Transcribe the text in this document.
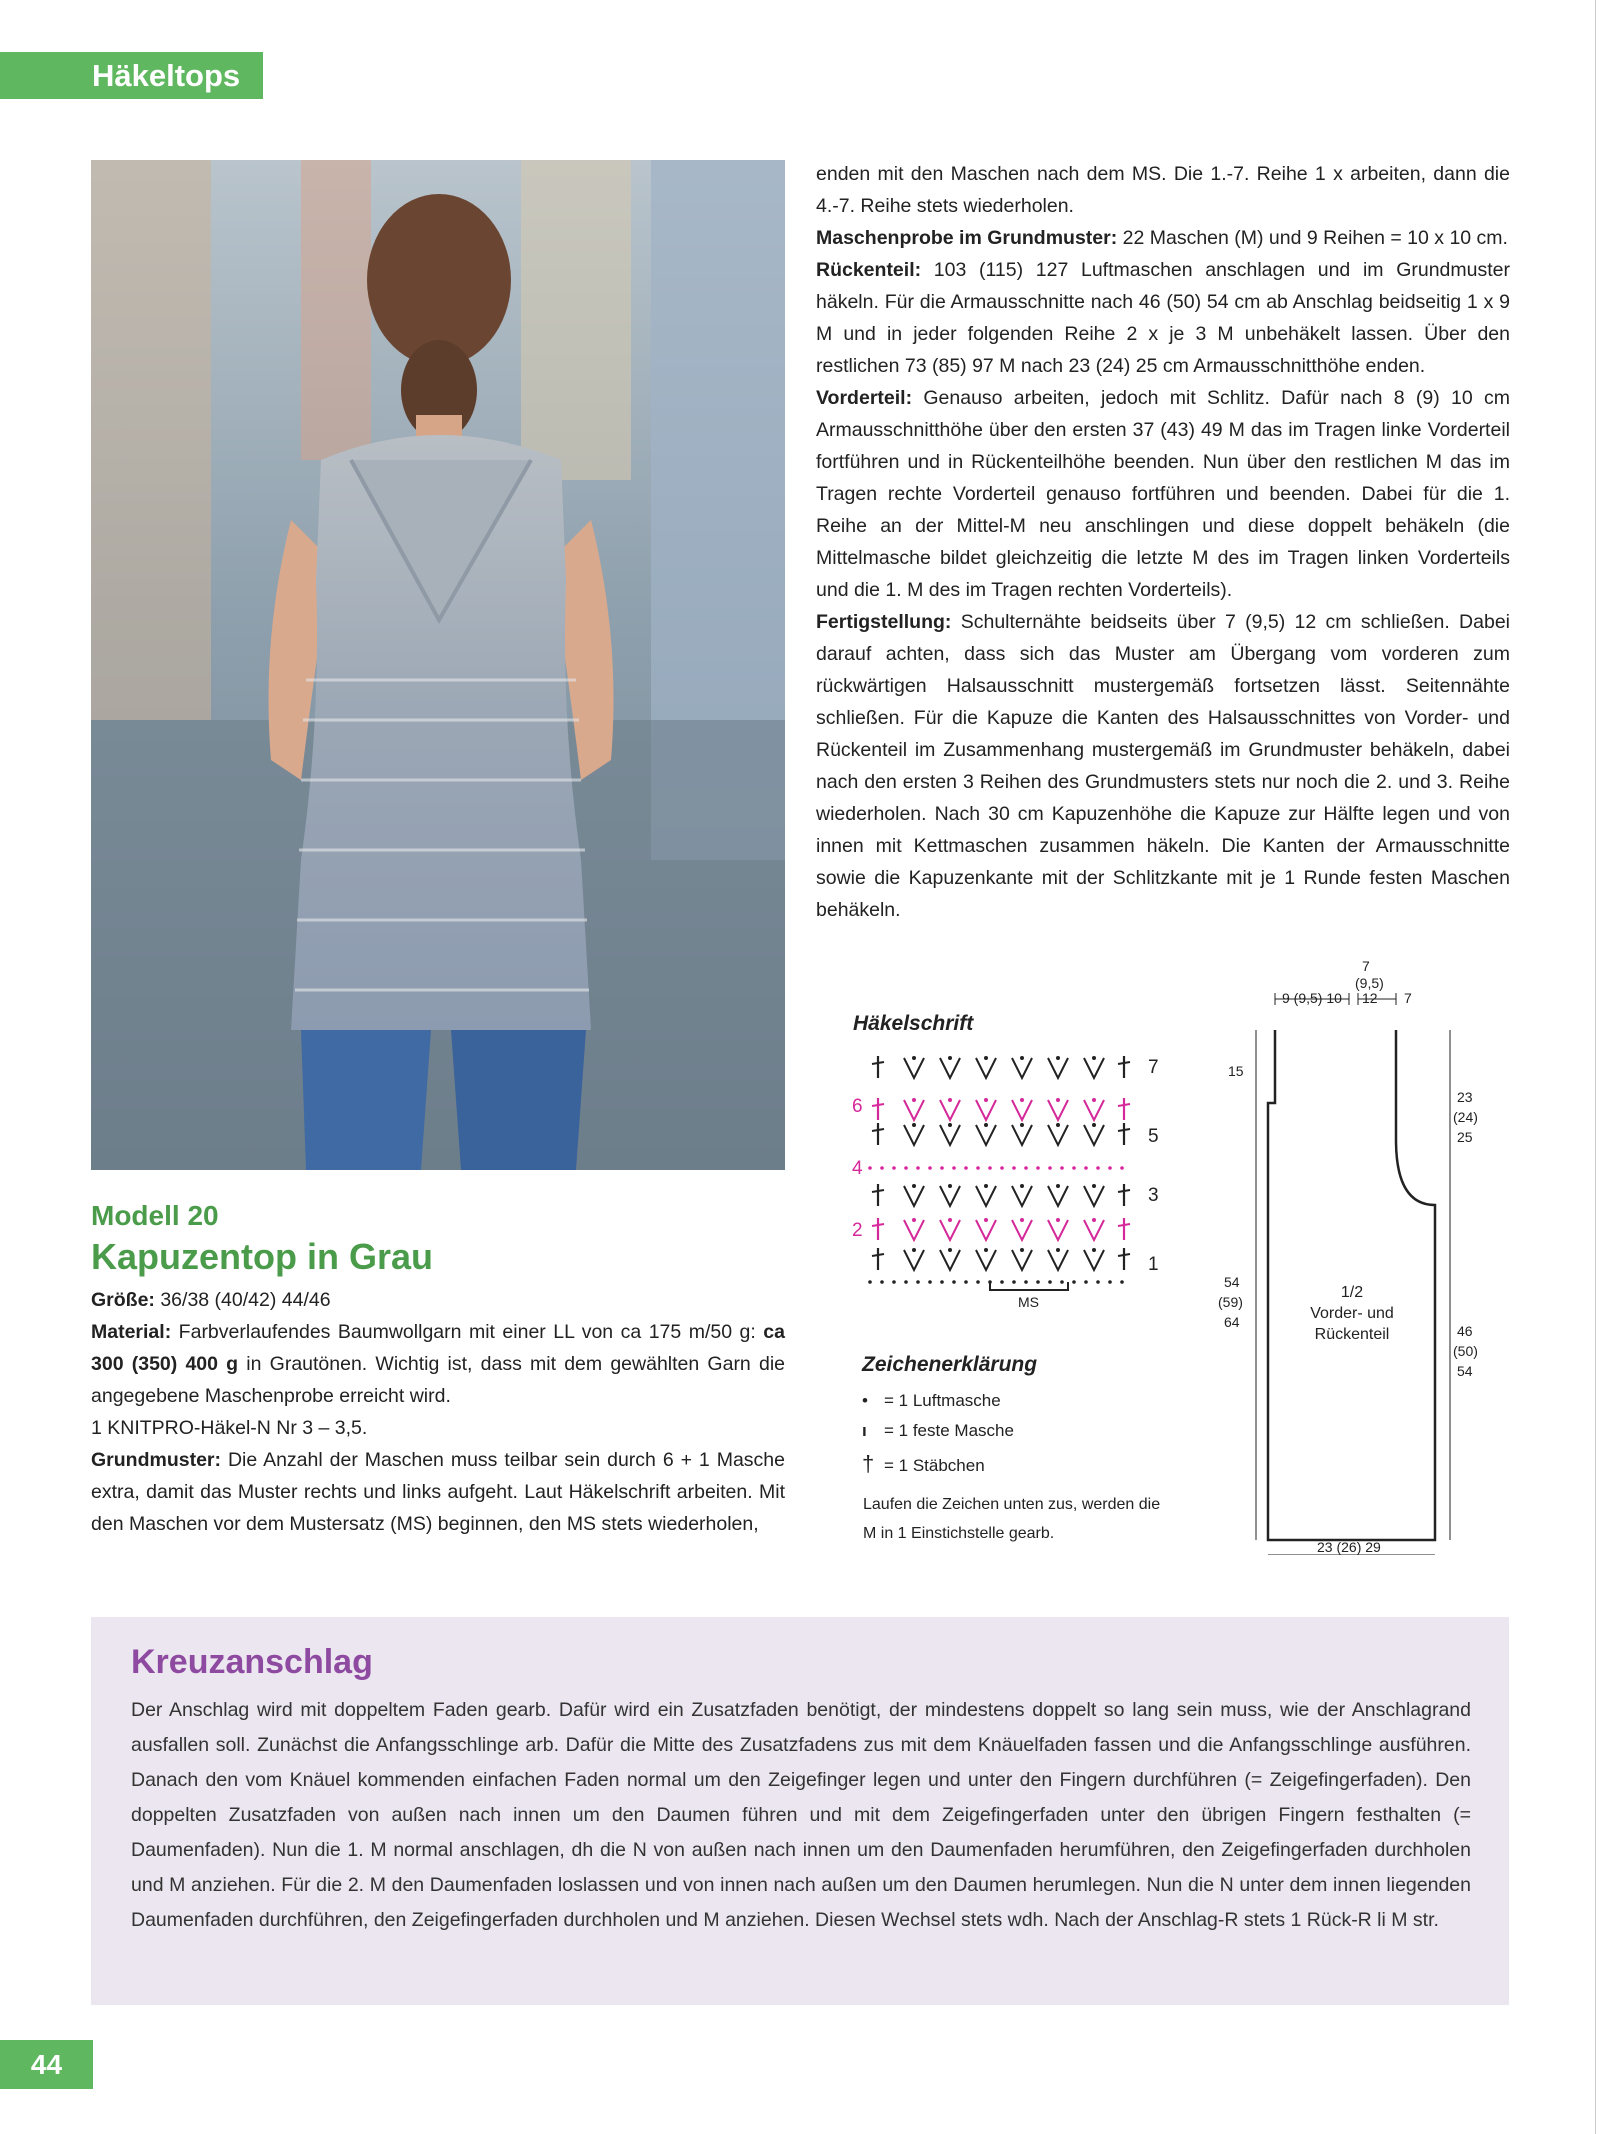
Häkeltops

enden mit den Maschen nach dem MS. Die 1.-7. Reihe 1 x arbeiten, dann die 4.-7. Reihe stets wiederholen.

Maschenprobe im Grundmuster: 22 Maschen (M) und 9 Reihen = 10 x 10 cm.

Rückenteil: 103 (115) 127 Luftmaschen anschlagen und im Grundmuster häkeln. Für die Armausschnitte nach 46 (50) 54 cm ab Anschlag beidseitig 1 x 9 M und in jeder folgenden Reihe 2 x je 3 M unbehäkelt lassen. Über den restlichen 73 (85) 97 M nach 23 (24) 25 cm Armausschnitthöhe enden.

Vorderteil: Genauso arbeiten, jedoch mit Schlitz. Dafür nach 8 (9) 10 cm Armausschnitthöhe über den ersten 37 (43) 49 M das im Tragen linke Vorderteil fortführen und in Rückenteilhöhe beenden. Nun über den restlichen M das im Tragen rechte Vorderteil genauso fortführen und beenden. Dabei für die 1. Reihe an der Mittel-M neu anschlingen und diese doppelt behäkeln (die Mittelmasche bildet gleichzeitig die letzte M des im Tragen linken Vorderteils und die 1. M des im Tragen rechten Vorderteils).

Fertigstellung: Schulternähte beidseits über 7 (9,5) 12 cm schließen. Dabei darauf achten, dass sich das Muster am Übergang vom vorderen zum rückwärtigen Halsausschnitt mustergemäß fortsetzen lässt. Seitennähte schließen. Für die Kapuze die Kanten des Halsausschnittes von Vorder- und Rückenteil im Zusammenhang mustergemäß im Grundmuster behäkeln, dabei nach den ersten 3 Reihen des Grundmusters stets nur noch die 2. und 3. Reihe wiederholen. Nach 30 cm Kapuzenhöhe die Kapuze zur Hälfte legen und von innen mit Kettmaschen zusammen häkeln. Die Kanten der Armausschnitte sowie die Kapuzenkante mit der Schlitzkante mit je 1 Runde festen Maschen behäkeln.

Modell 20
Kapuzentop in Grau

Größe: 36/38 (40/42) 44/46

Material: Farbverlaufendes Baumwollgarn mit einer LL von ca 175 m/50 g: ca 300 (350) 400 g in Grautönen. Wichtig ist, dass mit dem gewählten Garn die angegebene Maschenprobe erreicht wird.

1 KNITPRO-Häkel-N Nr 3 – 3,5.

Grundmuster: Die Anzahl der Maschen muss teilbar sein durch 6 + 1 Masche extra, damit das Muster rechts und links aufgeht. Laut Häkelschrift arbeiten. Mit den Maschen vor dem Mustersatz (MS) beginnen, den MS stets wiederholen,

Häkelschrift
7
5
3
1
6
4
2
MS
Zeichenerklärung
• = 1 Luftmasche
ı = 1 feste Masche
† = 1 Stäbchen
Laufen die Zeichen unten zus, werden die M in 1 Einstichstelle gearb.
9 (9,5) 10
7
(9,5)
12 7
15
54
(59)
64
23
(24)
25
46
(50)
54
1/2
Vorder- und
Rückenteil
23 (26) 29
Kreuzanschlag
Der Anschlag wird mit doppeltem Faden gearb. Dafür wird ein Zusatzfaden benötigt, der mindestens doppelt so lang sein muss, wie der Anschlagrand ausfallen soll. Zunächst die Anfangsschlinge arb. Dafür die Mitte des Zusatzfadens zus mit dem Knäuelfaden fassen und die Anfangsschlinge ausführen. Danach den vom Knäuel kommenden einfachen Faden normal um den Zeigefinger legen und unter den Fingern durchführen (= Zeigefingerfaden). Den doppelten Zusatzfaden von außen nach innen um den Daumen führen und mit dem Zeigefingerfaden unter den übrigen Fingern festhalten (= Daumenfaden). Nun die 1. M normal anschlagen, dh die N von außen nach innen um den Daumenfaden herumführen, den Zeigefingerfaden durchholen und M anziehen. Für die 2. M den Daumenfaden loslassen und von innen nach außen um den Daumen herumlegen. Nun die N unter dem innen liegenden Daumenfaden durchführen, den Zeigefingerfaden durchholen und M anziehen. Diesen Wechsel stets wdh. Nach der Anschlag-R stets 1 Rück-R li M str.
44
